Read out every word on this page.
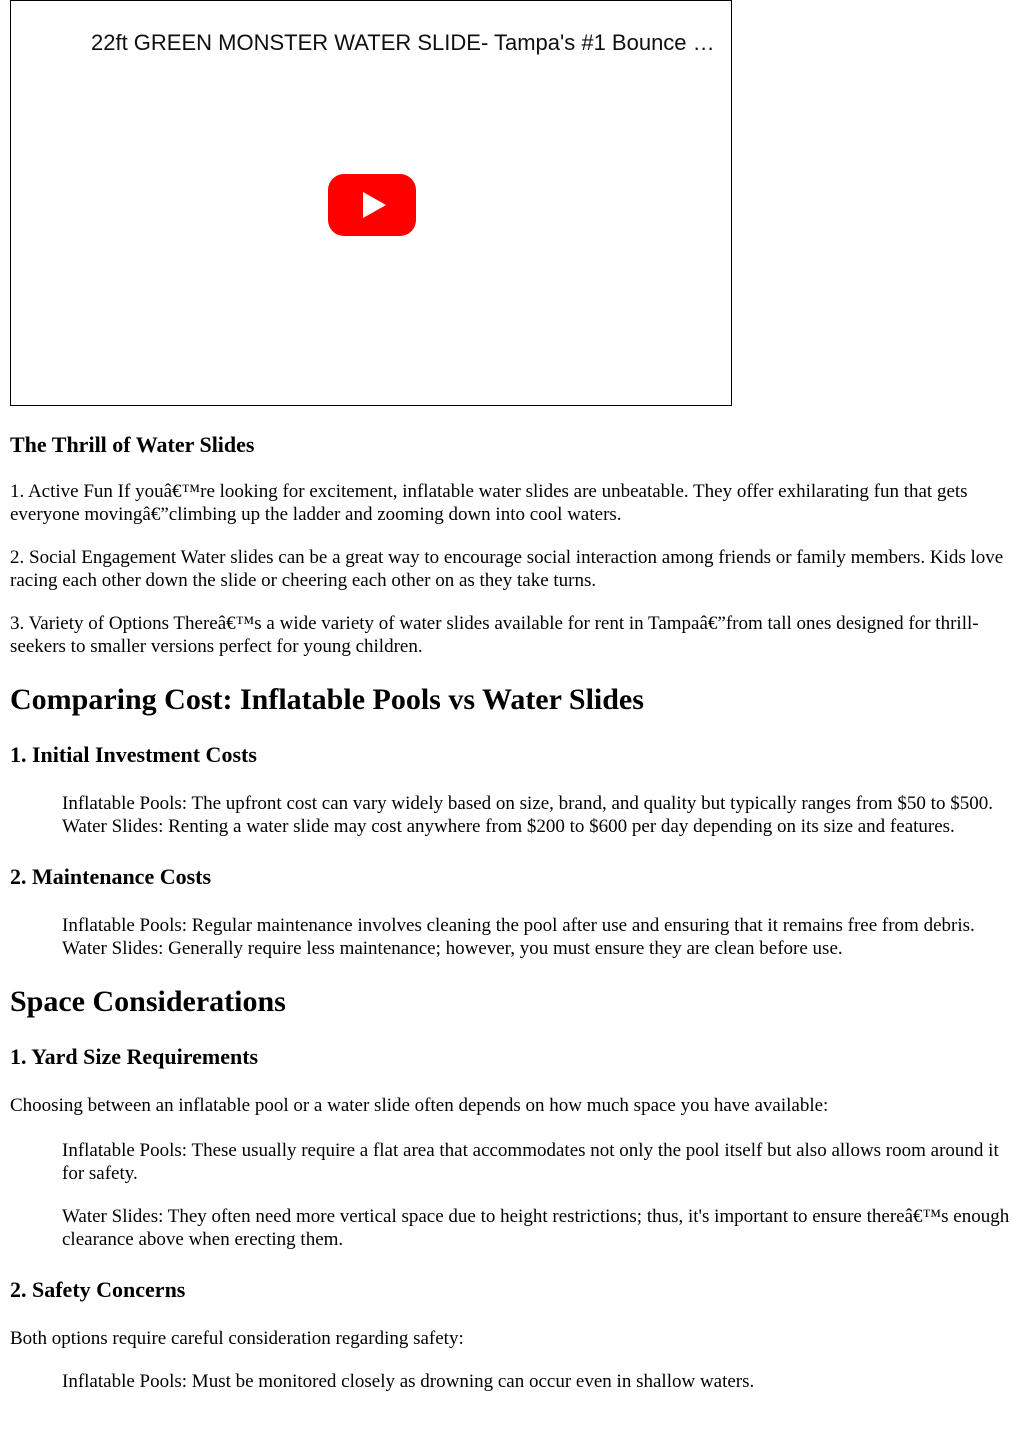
22ft GREEN MONSTER WATER SLIDE- Tampa's #1 Bounce …
The Thrill of Water Slides

1. Active Fun If youâ€™re looking for excitement, inflatable water slides are unbeatable. They offer exhilarating fun that gets everyone movingâ€”climbing up the ladder and zooming down into cool waters.

2. Social Engagement Water slides can be a great way to encourage social interaction among friends or family members. Kids love racing each other down the slide or cheering each other on as they take turns.

3. Variety of Options Thereâ€™s a wide variety of water slides available for rent in Tampaâ€”from tall ones designed for thrill-seekers to smaller versions perfect for young children.

Comparing Cost: Inflatable Pools vs Water Slides
1. Initial Investment Costs

Inflatable Pools: The upfront cost can vary widely based on size, brand, and quality but typically ranges from $50 to $500. Water Slides: Renting a water slide may cost anywhere from $200 to $600 per day depending on its size and features.

2. Maintenance Costs

Inflatable Pools: Regular maintenance involves cleaning the pool after use and ensuring that it remains free from debris. Water Slides: Generally require less maintenance; however, you must ensure they are clean before use.

Space Considerations
1. Yard Size Requirements

Choosing between an inflatable pool or a water slide often depends on how much space you have available:

Inflatable Pools: These usually require a flat area that accommodates not only the pool itself but also allows room around it for safety.

Water Slides: They often need more vertical space due to height restrictions; thus, it's important to ensure thereâ€™s enough clearance above when erecting them.

2. Safety Concerns

Both options require careful consideration regarding safety:

Inflatable Pools: Must be monitored closely as drowning can occur even in shallow waters.
